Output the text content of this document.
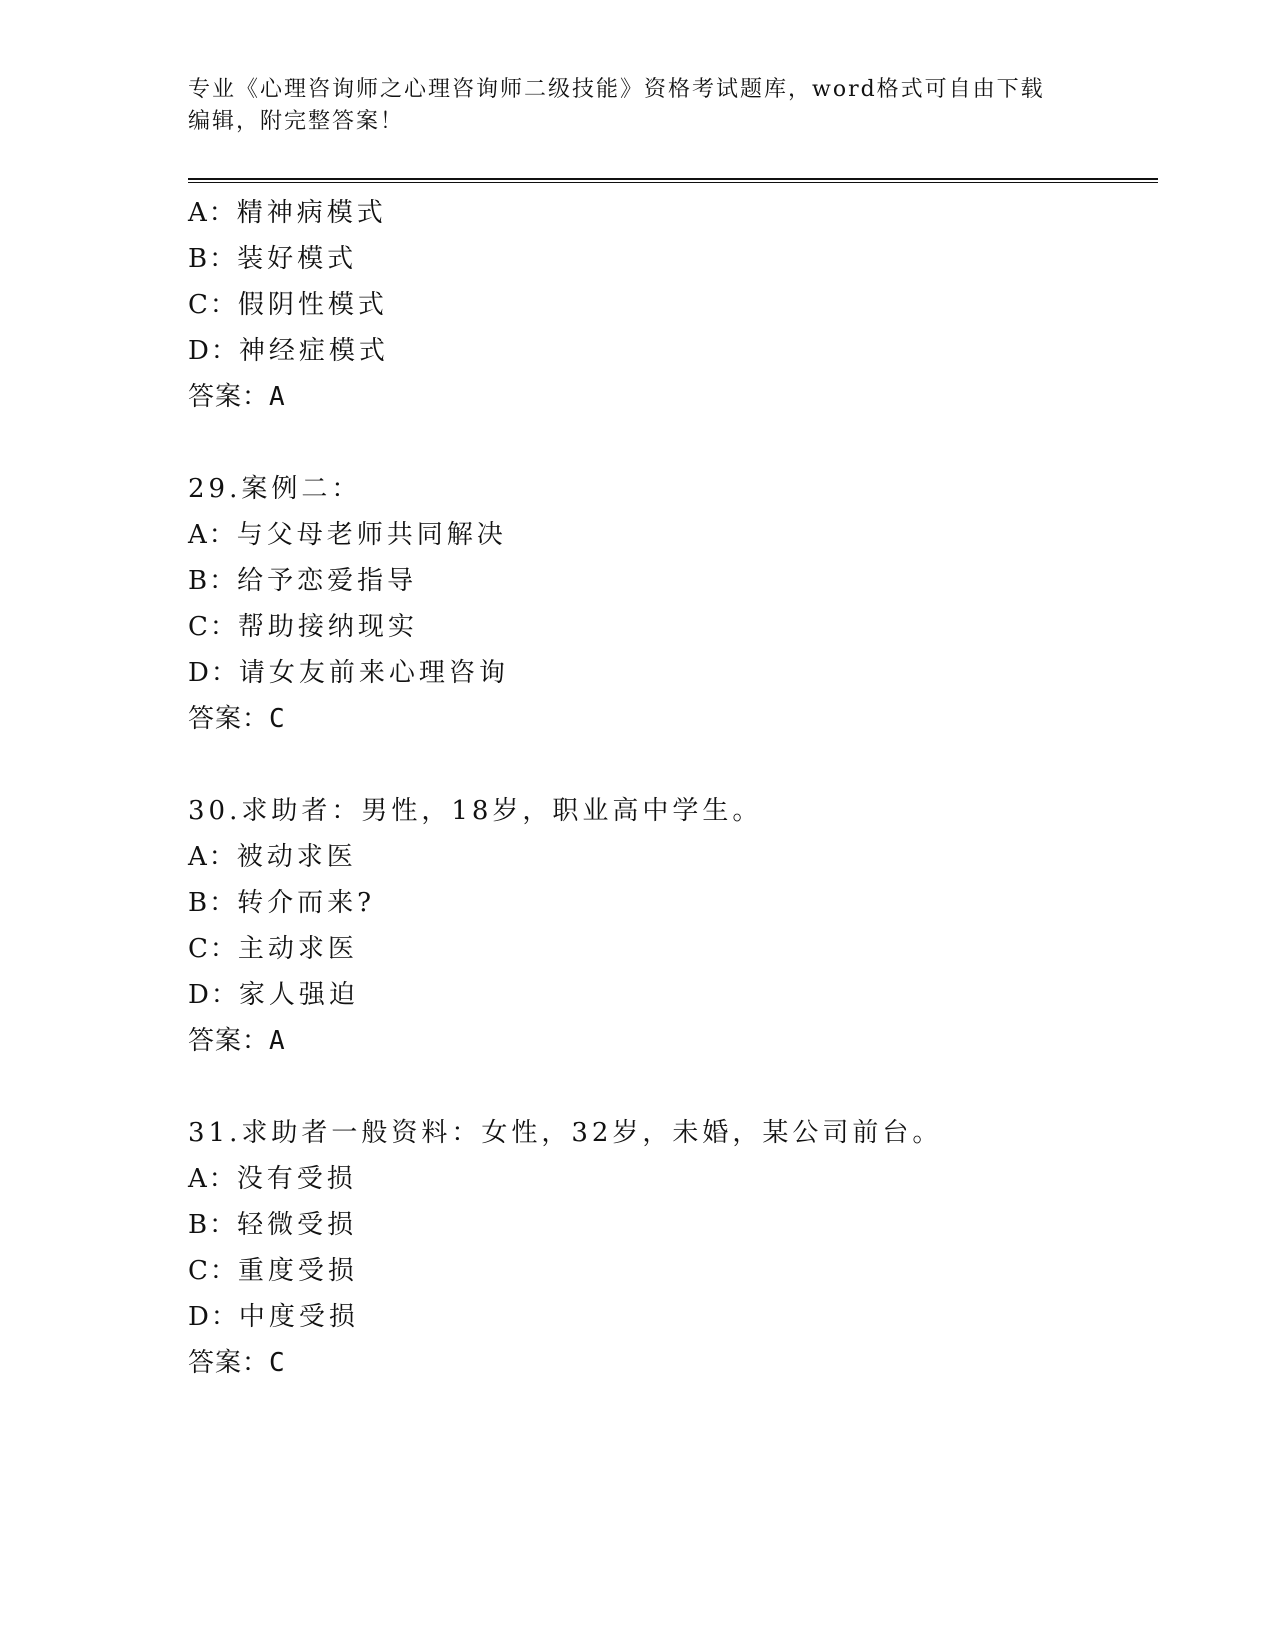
专业《心理咨询师之心理咨询师二级技能》资格考试题库，word格式可自由下载

编辑，附完整答案！

A：精神病模式
B：装好模式
C：假阴性模式
D：神经症模式
答案：A
29.案例二：
A：与父母老师共同解决
B：给予恋爱指导
C：帮助接纳现实
D：请女友前来心理咨询
答案：C
30.求助者：男性，18岁，职业高中学生。
A：被动求医
B：转介而来?
C：主动求医
D：家人强迫
答案：A
31.求助者一般资料：女性，32岁，未婚，某公司前台。
A：没有受损
B：轻微受损
C：重度受损
D：中度受损
答案：C
